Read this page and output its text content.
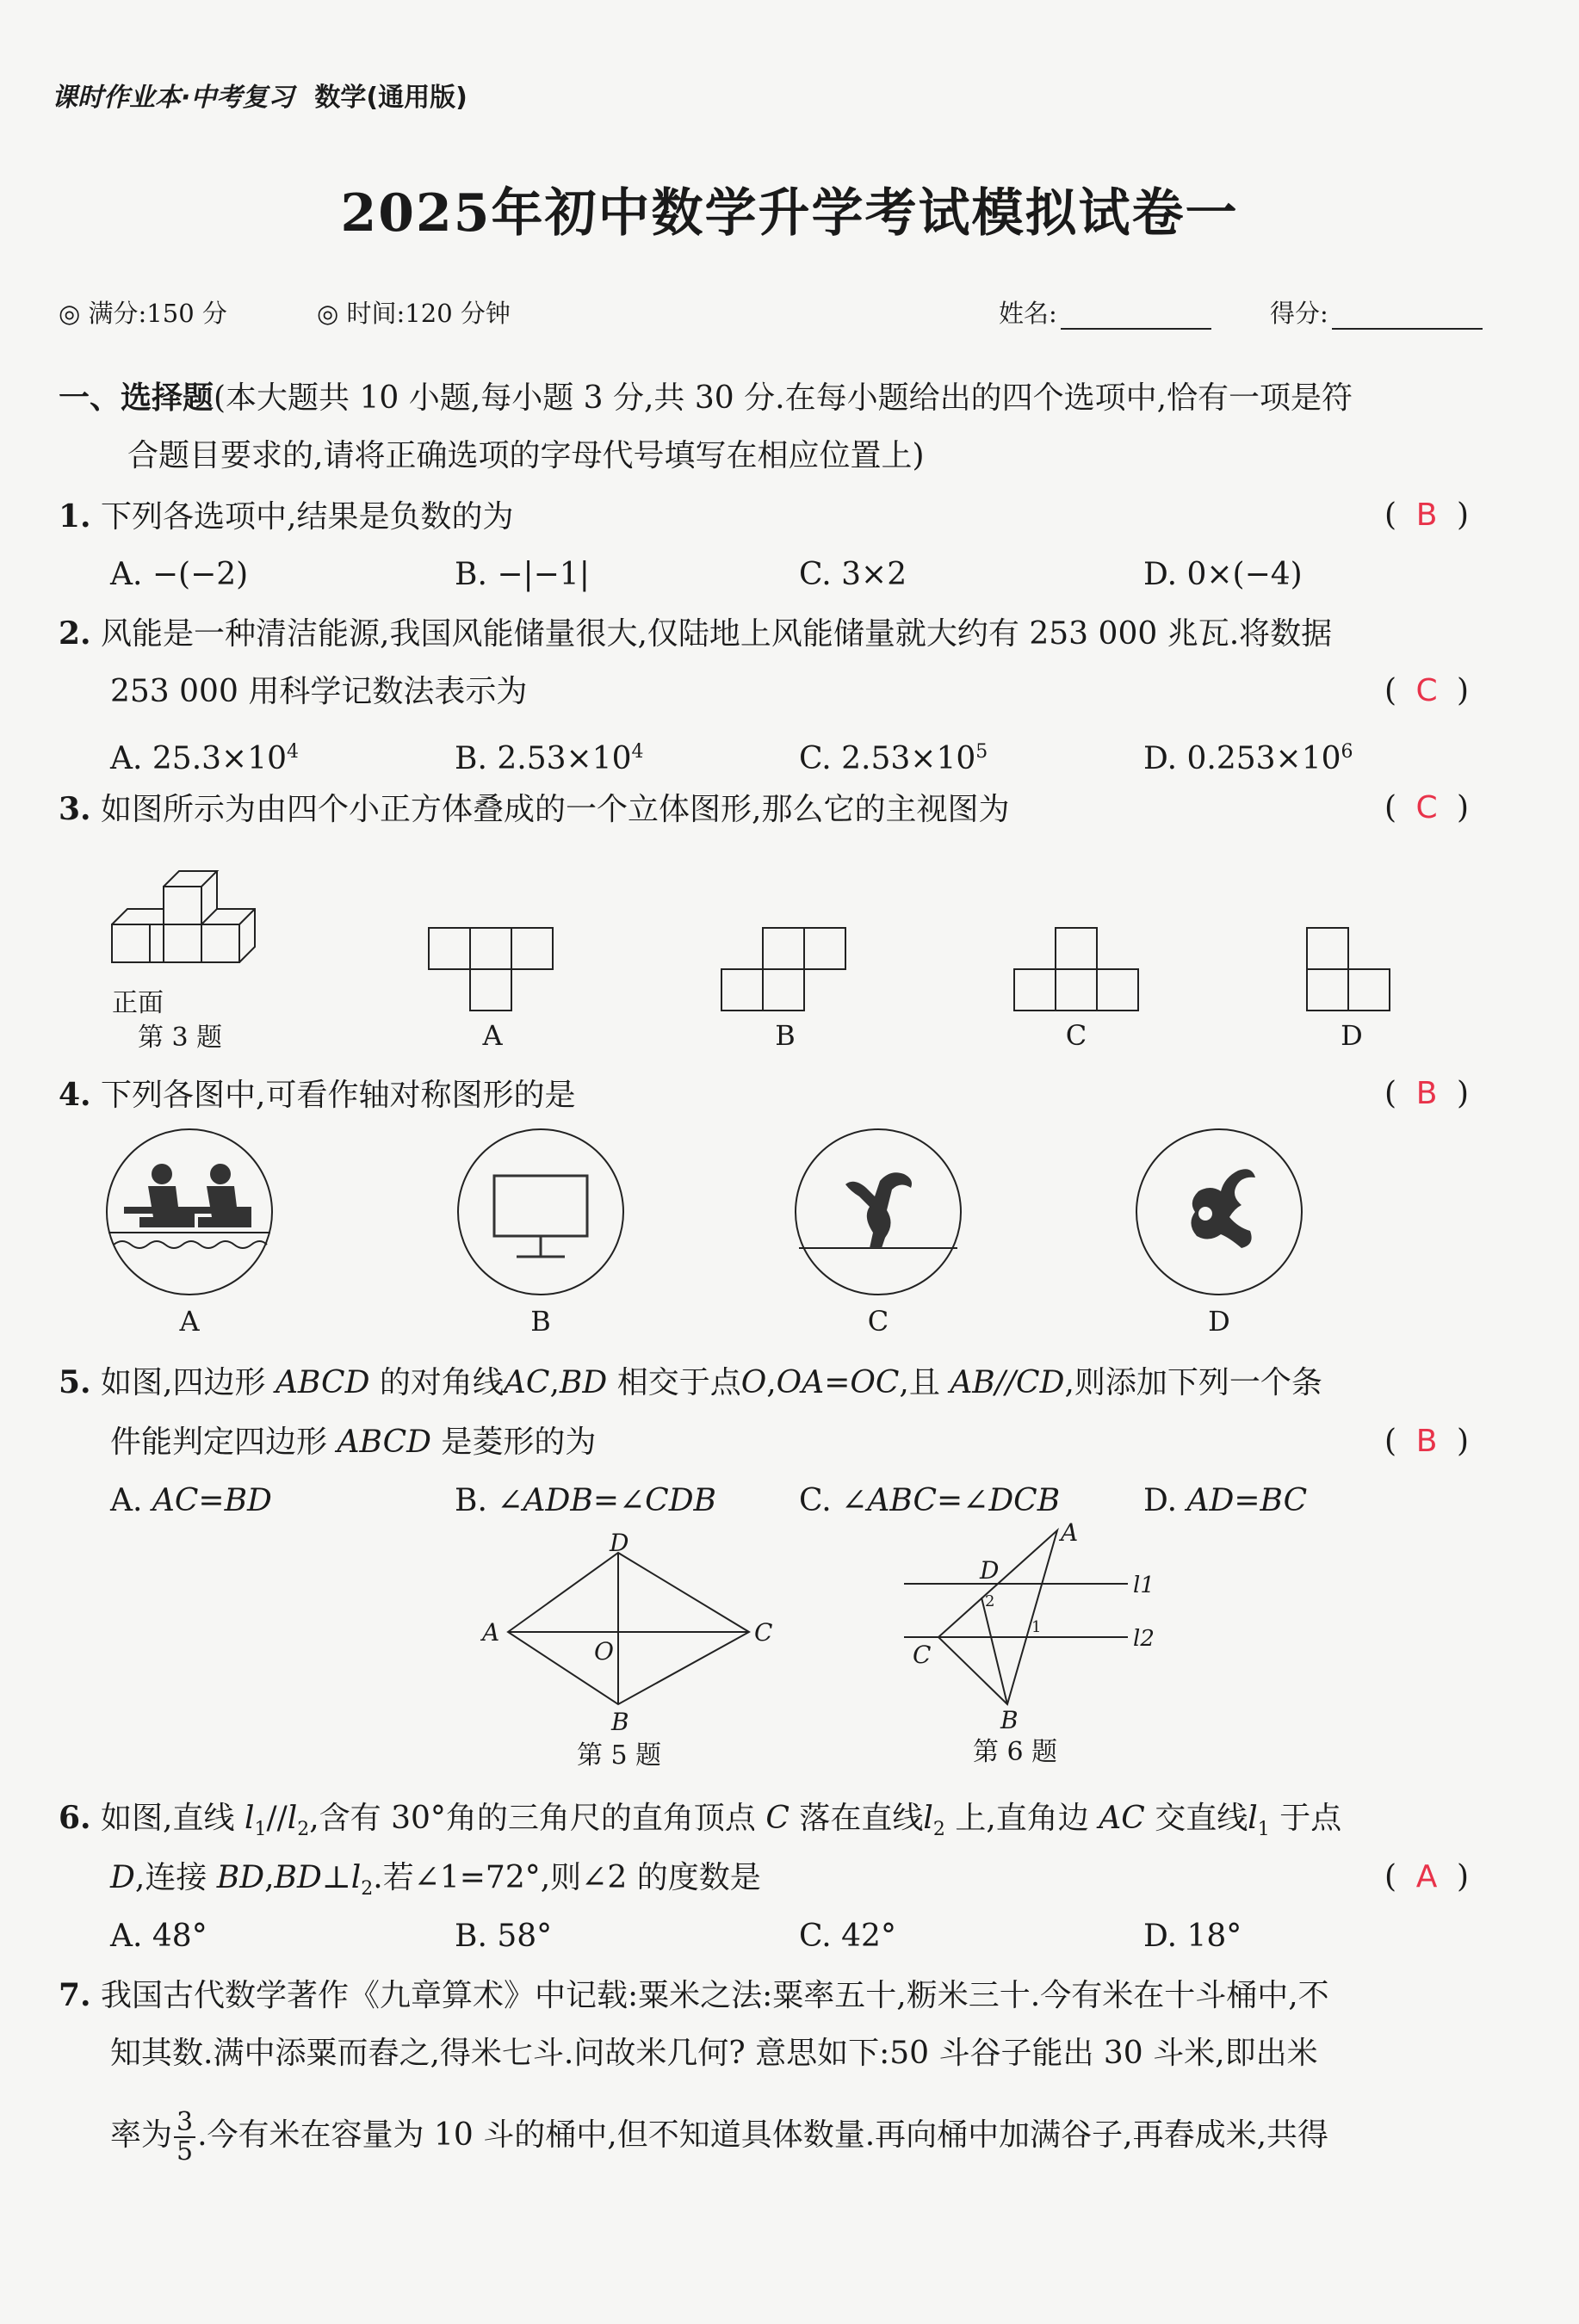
课时作业本·中考复习 数学(通用版)
2025年初中数学升学考试模拟试卷一
◎ 满分:150 分	◎ 时间:120 分钟	姓名:	得分:
一、选择题(本大题共 10 小题,每小题 3 分,共 30 分.在每小题给出的四个选项中,恰有一项是符
合题目要求的,请将正确选项的字母代号填写在相应位置上)
1. 下列各选项中,结果是负数的为	( B )
A. −(−2)	B. −|−1|	C. 3×2	D. 0×(−4)
2. 风能是一种清洁能源,我国风能储量很大,仅陆地上风能储量就大约有 253 000 兆瓦.将数据
253 000 用科学记数法表示为	( C )
A. $25.3\times 10^4$	B. $2.53\times 10^4$	C. $2.53\times 10^5$	D. $0.253\times 10^6$
3. 如图所示为由四个小正方体叠成的一个立体图形,那么它的主视图为	( C )
正面
第 3 题	A	B	C	D
4. 下列各图中,可看作轴对称图形的是	( B )
A	B	C	D
5. 如图,四边形 ABCD 的对角线AC,BD 相交于点O,OA=OC,且 AB//CD,则添加下列一个条
件能判定四边形 ABCD 是菱形的为	( B )
A. AC=BD	B. ∠ADB=∠CDB	C. ∠ABC=∠DCB	D. AD=BC
D
A
O
C
B
第 5 题
A
D
C
B
2
1
l1
l2
第 6 题
6. 如图,直线 $l_1//l_2$,含有 30°角的三角尺的直角顶点 C 落在直线$l_2$ 上,直角边 AC 交直线$l_1$ 于点
D,连接 $BD,BD\perp l_2$.若∠1=72°,则∠2 的度数是	( A )
A. 48°	B. 58°	C. 42°	D. 18°
7. 我国古代数学著作《九章算术》中记载:粟米之法:粟率五十,粝米三十.今有米在十斗桶中,不
知其数.满中添粟而舂之,得米七斗.问故米几何? 意思如下:50 斗谷子能出 30 斗米,即出米
率为 $\frac{3}{5}$ .今有米在容量为 10 斗的桶中,但不知道具体数量.再向桶中加满谷子,再舂成米,共得
